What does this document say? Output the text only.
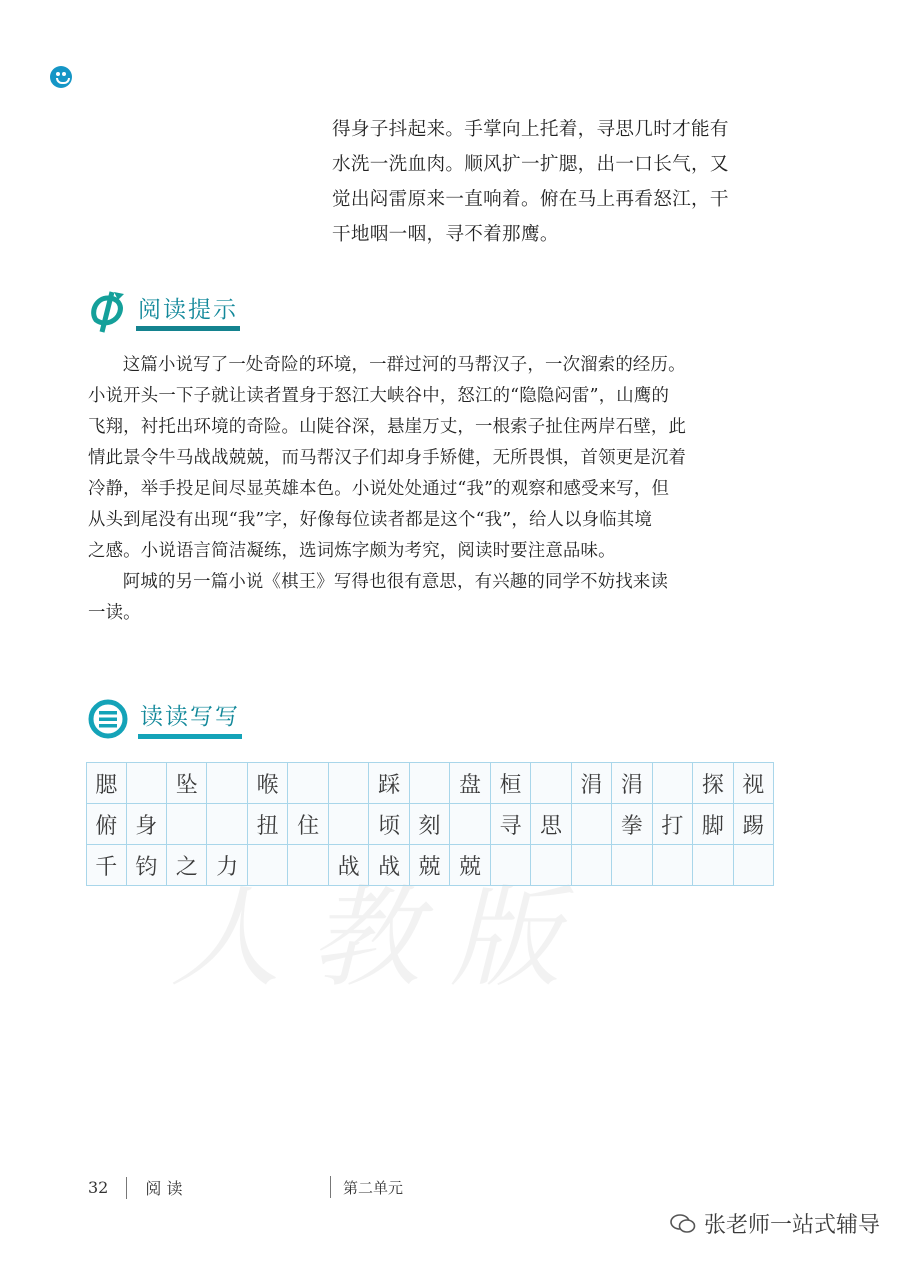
得身子抖起来。手掌向上托着，寻思几时才能有

水洗一洗血肉。顺风扩一扩腮，出一口长气，又

觉出闷雷原来一直响着。俯在马上再看怒江，干

干地咽一咽，寻不着那鹰。

阅读提示

这篇小说写了一处奇险的环境，一群过河的马帮汉子，一次溜索的经历。
小说开头一下子就让读者置身于怒江大峡谷中，怒江的“隐隐闷雷”，山鹰的
飞翔，衬托出环境的奇险。山陡谷深，悬崖万丈，一根索子扯住两岸石壁，此
情此景令牛马战战兢兢，而马帮汉子们却身手矫健，无所畏惧，首领更是沉着
冷静，举手投足间尽显英雄本色。小说处处通过“我”的观察和感受来写，但
从头到尾没有出现“我”字，好像每位读者都是这个“我”，给人以身临其境
之感。小说语言简洁凝练，选词炼字颇为考究，阅读时要注意品味。

阿城的另一篇小说《棋王》写得也很有意思，有兴趣的同学不妨找来读
一读。

读读写写
人教版
腮	坠	喉	踩	盘 桓	涓 涓	探 视
俯 身	扭 住	顷 刻	寻 思	拳 打 脚 踢
千 钧 之 力	战 战 兢 兢
32 阅 读	第二单元
张老师一站式辅导
